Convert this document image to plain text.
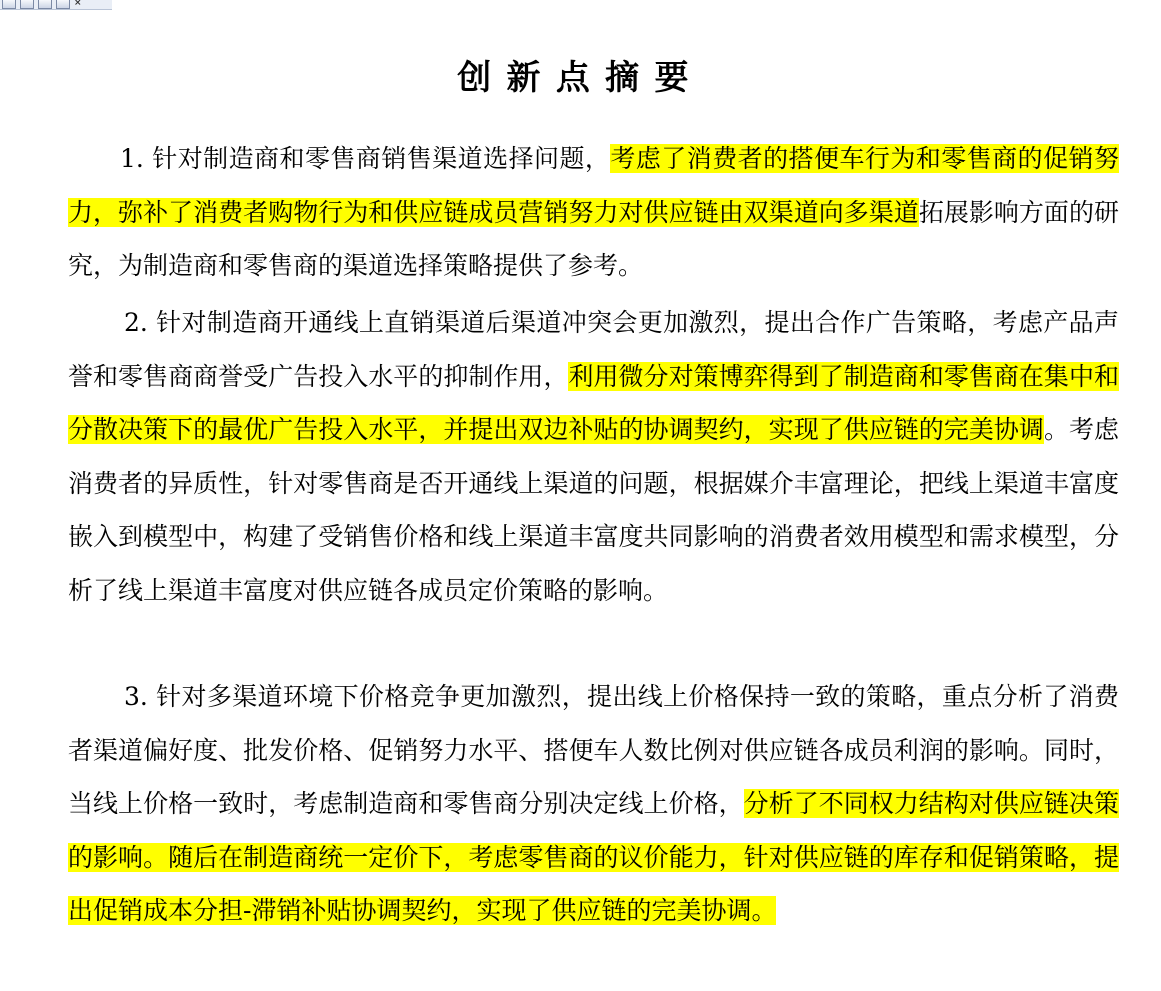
×
创新点摘要
1. 针对制造商和零售商销售渠道选择问题，考虑了消费者的搭便车行为和零售商的促销努力，弥补了消费者购物行为和供应链成员营销努力对供应链由双渠道向多渠道拓展影响方面的研究，为制造商和零售商的渠道选择策略提供了参考。
2. 针对制造商开通线上直销渠道后渠道冲突会更加激烈，提出合作广告策略，考虑产品声誉和零售商商誉受广告投入水平的抑制作用，利用微分对策博弈得到了制造商和零售商在集中和分散决策下的最优广告投入水平，并提出双边补贴的协调契约，实现了供应链的完美协调。考虑消费者的异质性，针对零售商是否开通线上渠道的问题，根据媒介丰富理论，把线上渠道丰富度嵌入到模型中，构建了受销售价格和线上渠道丰富度共同影响的消费者效用模型和需求模型，分析了线上渠道丰富度对供应链各成员定价策略的影响。
3. 针对多渠道环境下价格竞争更加激烈，提出线上价格保持一致的策略，重点分析了消费者渠道偏好度、批发价格、促销努力水平、搭便车人数比例对供应链各成员利润的影响。同时，当线上价格一致时，考虑制造商和零售商分别决定线上价格，分析了不同权力结构对供应链决策的影响。随后在制造商统一定价下，考虑零售商的议价能力，针对供应链的库存和促销策略，提出促销成本分担-滞销补贴协调契约，实现了供应链的完美协调。
